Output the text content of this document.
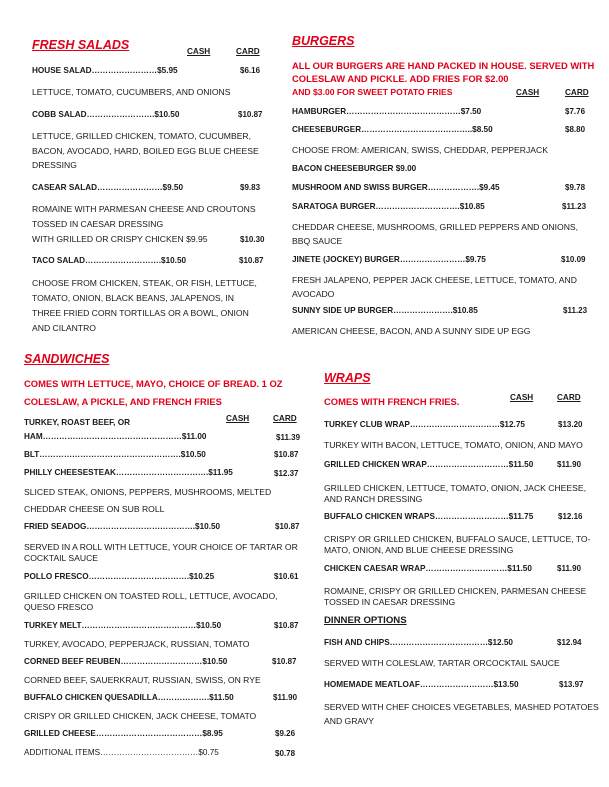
FRESH SALADS	CASH	CARD
HOUSE SALAD……………………$5.95	$6.16
LETTUCE, TOMATO, CUCUMBERS, AND ONIONS
COBB SALAD…………………….$10.50	$10.87
LETTUCE, GRILLED CHICKEN, TOMATO, CUCUMBER,
BACON, AVOCADO, HARD, BOILED EGG BLUE CHEESE
DRESSING
CASEAR SALAD……………………$9.50	$9.83
ROMAINE WITH PARMESAN CHEESE AND CROUTONS
TOSSED IN CAESAR DRESSING
WITH GRILLED OR CRISPY CHICKEN $9.95	$10.30
TACO SALAD……………………….$10.50	$10.87
CHOOSE FROM CHICKEN, STEAK, OR FISH, LETTUCE,
TOMATO, ONION, BLACK BEANS, JALAPENOS, IN
THREE FRIED CORN TORTILLAS OR A BOWL, ONION
AND CILANTRO
BURGERS
ALL OUR BURGERS ARE HAND PACKED IN HOUSE. SERVED WITH
COLESLAW AND PICKLE. ADD FRIES FOR $2.00
AND $3.00 FOR SWEET POTATO FRIES	CASH	CARD
HAMBURGER……………………………………$7.50	$7.76
CHEESEBURGER…………………………………..$8.50	$8.80
CHOOSE FROM: AMERICAN, SWISS, CHEDDAR, PEPPERJACK
BACON CHEESEBURGER $9.00
MUSHROOM AND SWISS BURGER……………….$9.45	$9.78
SARATOGA BURGER………………………….$10.85	$11.23
CHEDDAR CHEESE, MUSHROOMS, GRILLED PEPPERS AND ONIONS,
BBQ SAUCE
JINETE (JOCKEY) BURGER……………………$9.75	$10.09
FRESH JALAPENO, PEPPER JACK CHEESE, LETTUCE, TOMATO, AND
AVOCADO
SUNNY SIDE UP BURGER………………….$10.85	$11.23
AMERICAN CHEESE, BACON, AND A SUNNY SIDE UP EGG
SANDWICHES
COMES WITH LETTUCE, MAYO, CHOICE OF BREAD. 1 OZ
COLESLAW, A PICKLE, AND FRENCH FRIES
CASH	CARD
TURKEY, ROAST BEEF, OR
HAM……………………………………………$11.00	$11.39
BLT…………………………………………….$10.50	$10.87
PHILLY CHEESESTEAK…………………………….$11.95	$12.37
SLICED STEAK, ONIONS, PEPPERS, MUSHROOMS, MELTED
CHEDDAR CHEESE ON SUB ROLL
FRIED SEADOG………………………………….$10.50	$10.87
SERVED IN A ROLL WITH LETTUCE, YOUR CHOICE OF TARTAR OR
COCKTAIL SAUCE
POLLO FRESCO……………………………….$10.25	$10.61
GRILLED CHICKEN ON TOASTED ROLL, LETTUCE, AVOCADO,
QUESO FRESCO
TURKEY MELT……………………………………$10.50	$10.87
TURKEY, AVOCADO, PEPPERJACK, RUSSIAN, TOMATO
CORNED BEEF REUBEN…………………………$10.50	$10.87
CORNED BEEF, SAUERKRAUT, RUSSIAN, SWISS, ON RYE
BUFFALO CHICKEN QUESADILLA……………….$11.50	$11.90
CRISPY OR GRILLED CHICKEN, JACK CHEESE, TOMATO
GRILLED CHEESE…………………………………$8.95	$9.26
ADDITIONAL ITEMS………………………………$0.75	$0.78
WRAPS
COMES WITH FRENCH FRIES.	CASH	CARD
TURKEY CLUB WRAP……………………………$12.75	$13.20
TURKEY WITH BACON, LETTUCE, TOMATO, ONION, AND MAYO
GRILLED CHICKEN WRAP…………………………$11.50	$11.90
GRILLED CHICKEN, LETTUCE, TOMATO, ONION, JACK CHEESE,
AND RANCH DRESSING
BUFFALO CHICKEN WRAPS………………………$11.75	$12.16
CRISPY OR GRILLED CHICKEN, BUFFALO SAUCE, LETTUCE, TO-
MATO, ONION, AND BLUE CHEESE DRESSING
CHICKEN CAESAR WRAP…………………………$11.50	$11.90
ROMAINE, CRISPY OR GRILLED CHICKEN, PARMESAN CHEESE
TOSSED IN CAESAR DRESSING
DINNER OPTIONS
FISH AND CHIPS………………………………$12.50	$12.94
SERVED WITH COLESLAW, TARTAR ORCOCKTAIL SAUCE
HOMEMADE MEATLOAF………………………$13.50	$13.97
SERVED WITH CHEF CHOICES VEGETABLES, MASHED POTATOES
AND GRAVY
